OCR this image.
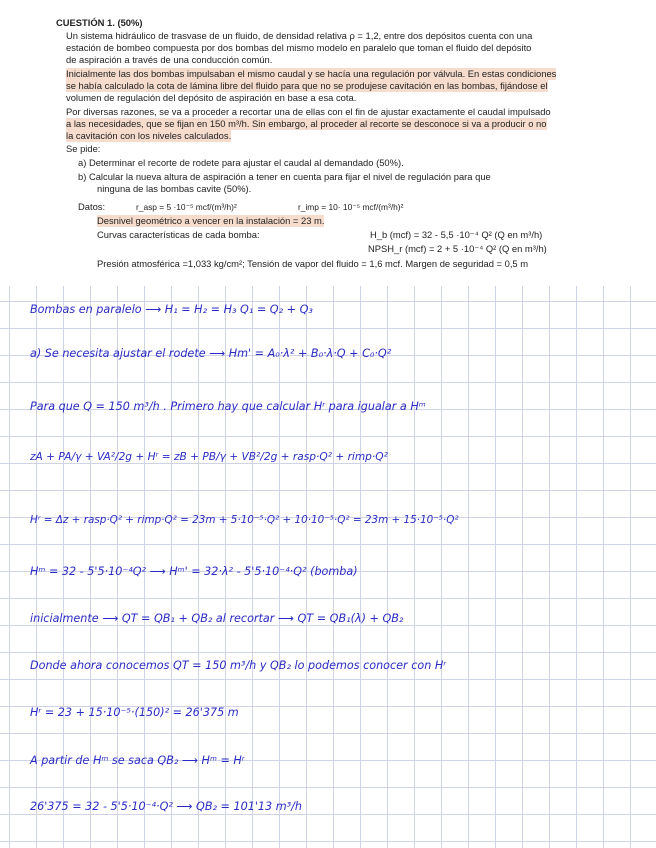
CUESTIÓN 1. (50%)
Un sistema hidráulico de trasvase de un fluido, de densidad relativa ρ = 1,2, entre dos depósitos cuenta con una
estación de bombeo compuesta por dos bombas del mismo modelo en paralelo que toman el fluido del depósito
de aspiración a través de una conducción común.
Inicialmente las dos bombas impulsaban el mismo caudal y se hacía una regulación por válvula. En estas condiciones
se había calculado la cota de lámina libre del fluido para que no se produjese cavitación en las bombas, fijándose el
volumen de regulación del depósito de aspiración en base a esa cota.
Por diversas razones, se va a proceder a recortar una de ellas con el fin de ajustar exactamente el caudal impulsado
a las necesidades, que se fijan en 150 m³/h. Sin embargo, al proceder al recorte se desconoce si va a producir o no
la cavitación con los niveles calculados.
Se pide:
a) Determinar el recorte de rodete para ajustar el caudal al demandado (50%).
b) Calcular la nueva altura de aspiración a tener en cuenta para fijar el nivel de regulación para que
ninguna de las bombas cavite (50%).
Datos:	r_asp = 5 ·10⁻⁵ mcf/(m³/h)²	r_imp = 10· 10⁻⁵ mcf/(m³/h)²
Desnivel geométrico a vencer en la instalación = 23 m.
Curvas características de cada bomba:	H_b (mcf) = 32 - 5,5 ·10⁻⁴ Q² (Q en m³/h)
NPSH_r (mcf) = 2 + 5 ·10⁻⁴ Q² (Q en m³/h)
Presión atmosférica =1,033 kg/cm²; Tensión de vapor del fluido = 1,6 mcf. Margen de seguridad = 0,5 m
Bombas en paralelo ⟶ H₁ = H₂ = H₃ Q₁ = Q₂ + Q₃
a) Se necesita ajustar el rodete ⟶ Hm' = A₀·λ² + B₀·λ·Q + C₀·Q²
Para que Q = 150 m³/h . Primero hay que calcular Hʳ para igualar a Hᵐ
zA + PA/γ + VA²/2g + Hʳ = zB + PB/γ + VB²/2g + rasp·Q² + rimp·Q²
Hʳ = Δz + rasp·Q² + rimp·Q² = 23m + 5·10⁻⁵·Q² + 10·10⁻⁵·Q² = 23m + 15·10⁻⁵·Q²
Hᵐ = 32 - 5'5·10⁻⁴Q² ⟶ Hᵐ' = 32·λ² - 5'5·10⁻⁴·Q² (bomba)
inicialmente ⟶ QT = QB₁ + QB₂ al recortar ⟶ QT = QB₁(λ) + QB₂
Donde ahora conocemos QT = 150 m³/h y QB₂ lo podemos conocer con Hʳ
Hʳ = 23 + 15·10⁻⁵·(150)² = 26'375 m
A partir de Hᵐ se saca QB₂ ⟶ Hᵐ = Hʳ
26'375 = 32 - 5'5·10⁻⁴·Q² ⟶ QB₂ = 101'13 m³/h
